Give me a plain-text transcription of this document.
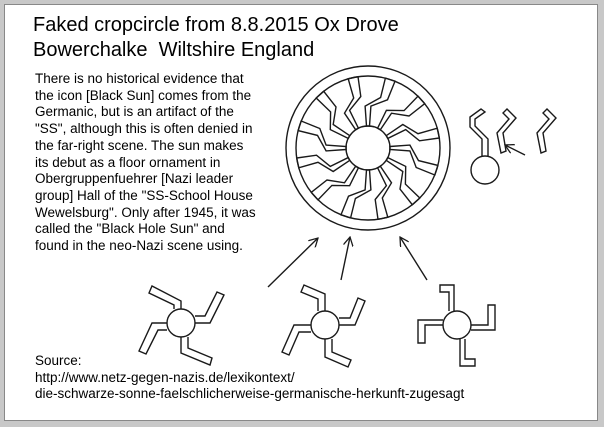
Faked cropcircle from 8.8.2015 Ox Drove
Bowerchalke  Wiltshire England
There is no historical evidence that
the icon [Black Sun] comes from the
Germanic, but is an artifact of the
"SS", although this is often denied in
the far-right scene. The sun makes
its debut as a floor ornament in
Obergruppenfuehrer [Nazi leader
group] Hall of the "SS-School House
Wewelsburg". Only after 1945, it was
called the "Black Hole Sun" and
found in the neo-Nazi scene using.
Source:
http://www.netz-gegen-nazis.de/lexikontext/
die-schwarze-sonne-faelschlicherweise-germanische-herkunft-zugesagt
